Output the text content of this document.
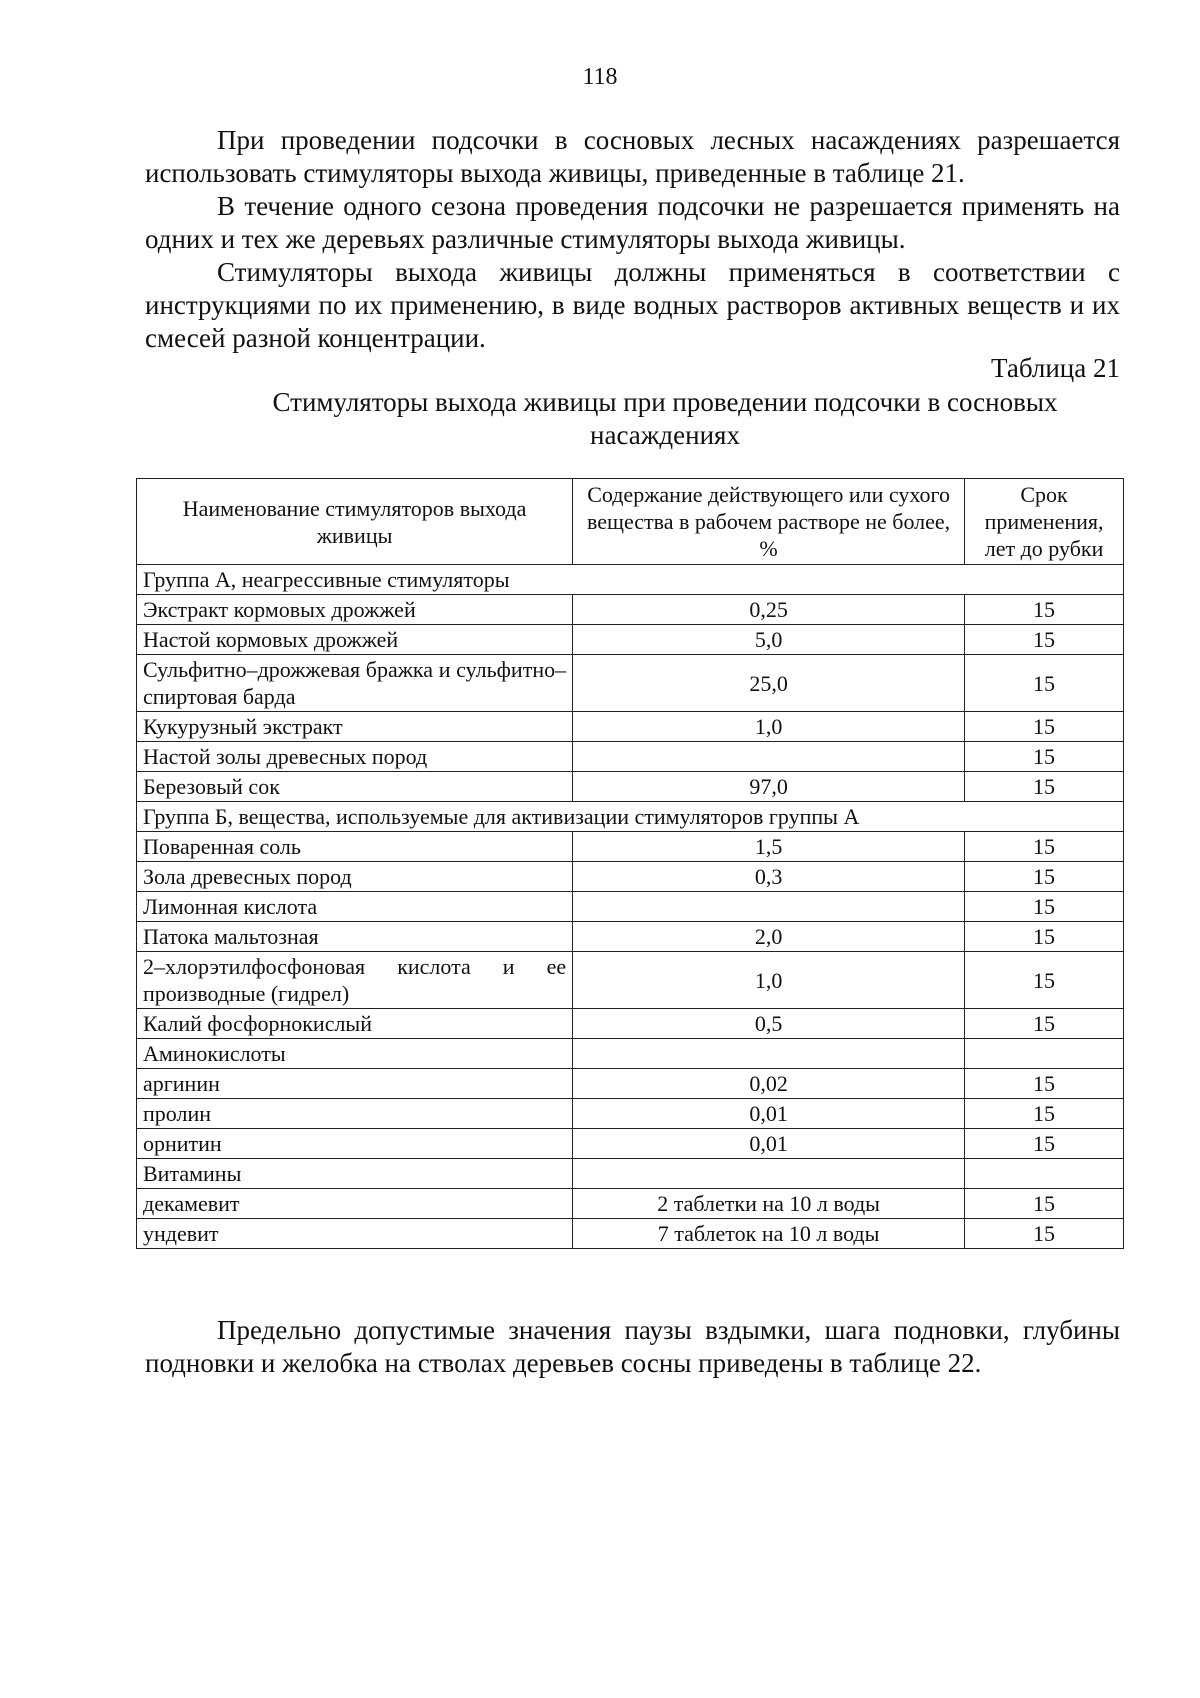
118

При проведении подсочки в сосновых лесных насаждениях разрешается использовать стимуляторы выхода живицы, приведенные в таблице 21.

В течение одного сезона проведения подсочки не разрешается применять на одних и тех же деревьях различные стимуляторы выхода живицы.

Стимуляторы выхода живицы должны применяться в соответствии с инструкциями по их применению, в виде водных растворов активных веществ и их смесей разной концентрации.

Таблица 21
Стимуляторы выхода живицы при проведении подсочки в сосновых насаждениях
Наименование стимуляторов выхода живицы	Содержание действующего или сухого вещества в рабочем растворе не более, %	Срок применения, лет до рубки
Группа А, неагрессивные стимуляторы		
Экстракт кормовых дрожжей	0,25	15
Настой кормовых дрожжей	5,0	15
Сульфитно–дрожжевая бражка и сульфитно–спиртовая барда	25,0	15
Кукурузный экстракт	1,0	15
Настой золы древесных пород		15
Березовый сок	97,0	15
Группа Б, вещества, используемые для активизации стимуляторов группы А		
Поваренная соль	1,5	15
Зола древесных пород	0,3	15
Лимонная кислота		15
Патока мальтозная	2,0	15
2–хлорэтилфосфоновая кислота и ее производные (гидрел)	1,0	15
Калий фосфорнокислый	0,5	15
Аминокислоты		
аргинин	0,02	15
пролин	0,01	15
орнитин	0,01	15
Витамины		
декамевит	2 таблетки на 10 л воды	15
ундевит	7 таблеток на 10 л воды	15

Предельно допустимые значения паузы вздымки, шага подновки, глубины подновки и желобка на стволах деревьев сосны приведены в таблице 22.
